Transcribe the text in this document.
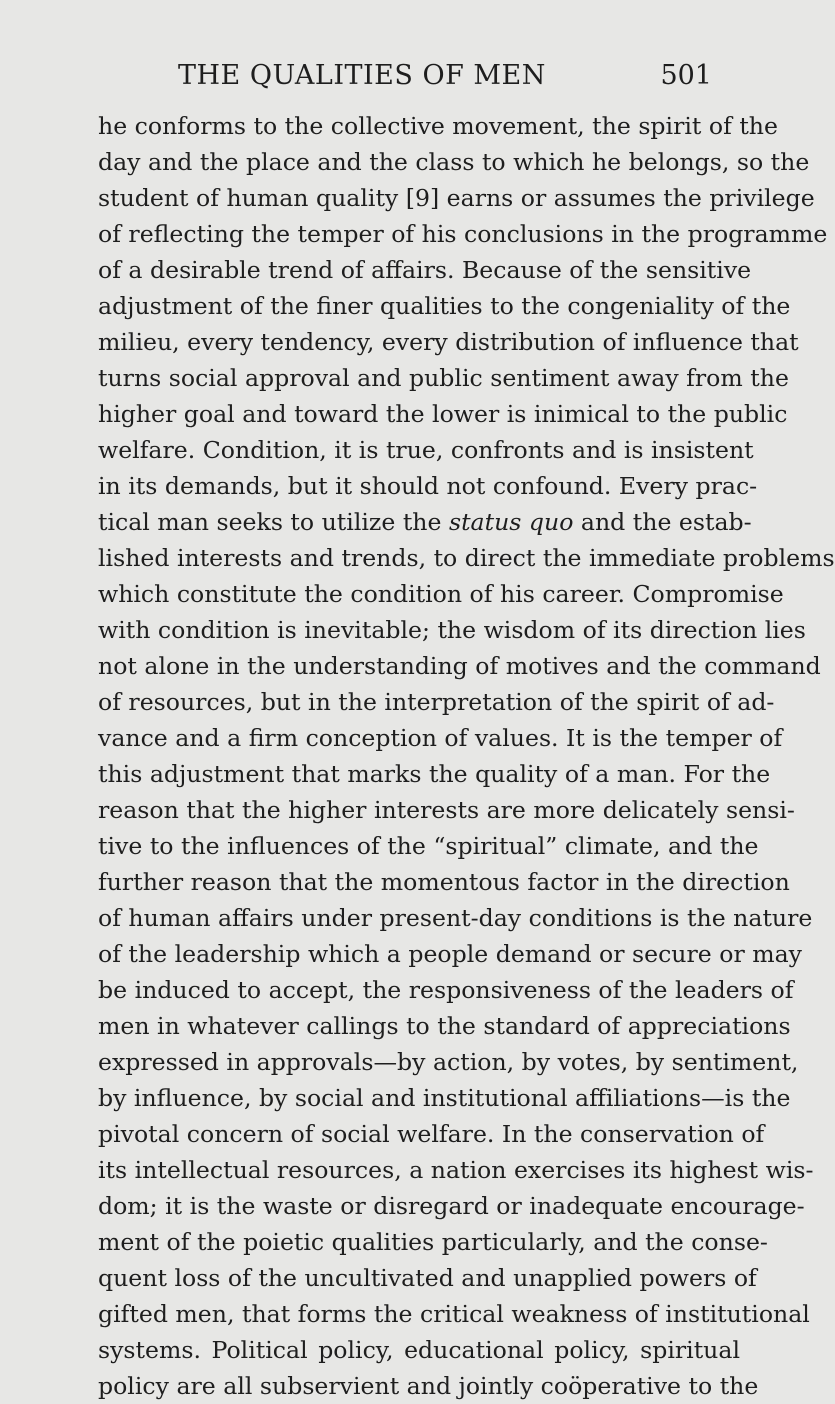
THE QUALITIES OF MEN	501
he conforms to the collective movement, the spirit of the
day and the place and the class to which he belongs, so the
student of human quality [9] earns or assumes the privilege
of reflecting the temper of his conclusions in the programme
of a desirable trend of affairs. Because of the sensitive
adjustment of the finer qualities to the congeniality of the
milieu, every tendency, every distribution of influence that
turns social approval and public sentiment away from the
higher goal and toward the lower is inimical to the public
welfare. Condition, it is true, confronts and is insistent
in its demands, but it should not confound. Every prac-
tical man seeks to utilize the status quo and the estab-
lished interests and trends, to direct the immediate problems
which constitute the condition of his career. Compromise
with condition is inevitable; the wisdom of its direction lies
not alone in the understanding of motives and the command
of resources, but in the interpretation of the spirit of ad-
vance and a firm conception of values. It is the temper of
this adjustment that marks the quality of a man. For the
reason that the higher interests are more delicately sensi-
tive to the influences of the “spiritual” climate, and the
further reason that the momentous factor in the direction
of human affairs under present-day conditions is the nature
of the leadership which a people demand or secure or may
be induced to accept, the responsiveness of the leaders of
men in whatever callings to the standard of appreciations
expressed in approvals—by action, by votes, by sentiment,
by influence, by social and institutional affiliations—is the
pivotal concern of social welfare. In the conservation of
its intellectual resources, a nation exercises its highest wis-
dom; it is the waste or disregard or inadequate encourage-
ment of the poietic qualities particularly, and the conse-
quent loss of the uncultivated and unapplied powers of
gifted men, that forms the critical weakness of institutional
systems. Political policy, educational policy, spiritual
policy are all subservient and jointly coöperative to the
